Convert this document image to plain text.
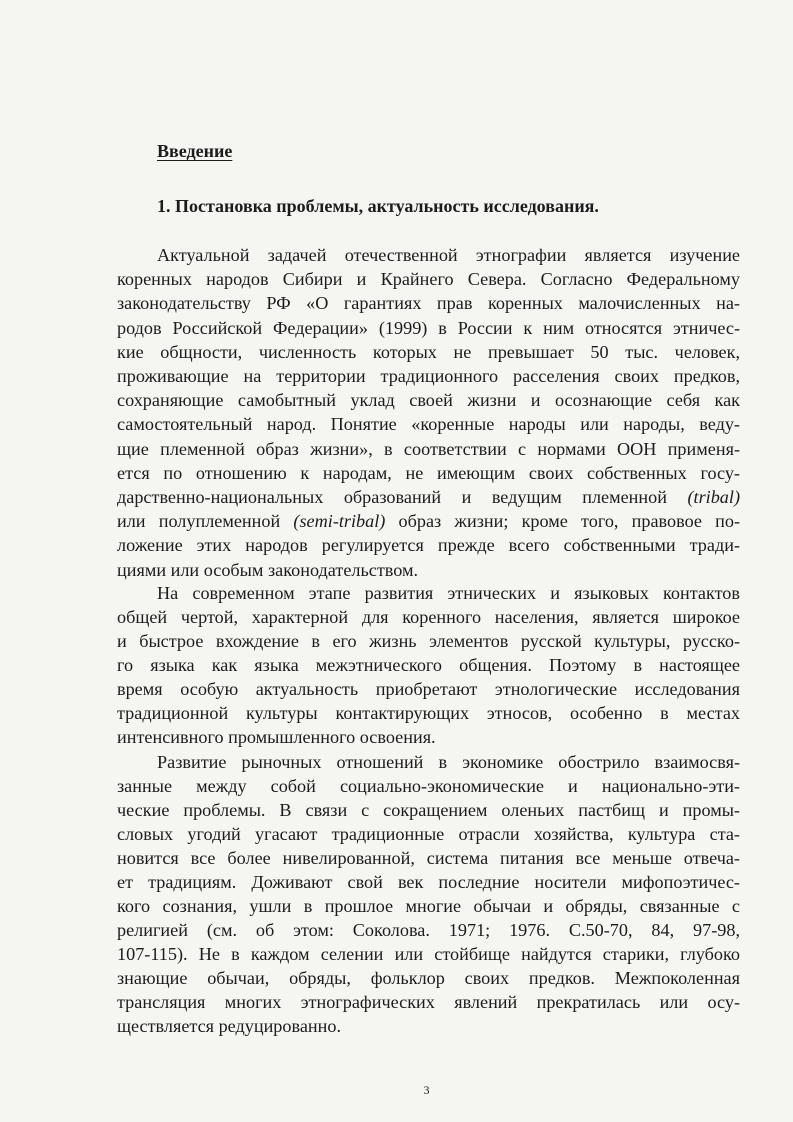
Введение
1. Постановка проблемы, актуальность исследования.
Актуальной задачей отечественной этнографии является изучение
коренных народов Сибири и Крайнего Севера. Согласно Федеральному
законодательству РФ «О гарантиях прав коренных малочисленных на-
родов Российской Федерации» (1999) в России к ним относятся этничес-
кие общности, численность которых не превышает 50 тыс. человек,
проживающие на территории традиционного расселения своих предков,
сохраняющие самобытный уклад своей жизни и осознающие себя как
самостоятельный народ. Понятие «коренные народы или народы, веду-
щие племенной образ жизни», в соответствии с нормами ООН применя-
ется по отношению к народам, не имеющим своих собственных госу-
дарственно-национальных образований и ведущим племенной (tribal)
или полуплеменной (semi-tribal) образ жизни; кроме того, правовое по-
ложение этих народов регулируется прежде всего собственными тради-
циями или особым законодательством.
На современном этапе развития этнических и языковых контактов
общей чертой, характерной для коренного населения, является широкое
и быстрое вхождение в его жизнь элементов русской культуры, русско-
го языка как языка межэтнического общения. Поэтому в настоящее
время особую актуальность приобретают этнологические исследования
традиционной культуры контактирующих этносов, особенно в местах
интенсивного промышленного освоения.
Развитие рыночных отношений в экономике обострило взаимосвя-
занные между собой социально-экономические и национально-эти-
ческие проблемы. В связи с сокращением оленьих пастбищ и промы-
словых угодий угасают традиционные отрасли хозяйства, культура ста-
новится все более нивелированной, система питания все меньше отвеча-
ет традициям. Доживают свой век последние носители мифопоэтичес-
кого сознания, ушли в прошлое многие обычаи и обряды, связанные с
религией (см. об этом: Соколова. 1971; 1976. С.50-70, 84, 97-98,
107-115). Не в каждом селении или стойбище найдутся старики, глубоко
знающие обычаи, обряды, фольклор своих предков. Межпоколенная
трансляция многих этнографических явлений прекратилась или осу-
ществляется редуцированно.
3
